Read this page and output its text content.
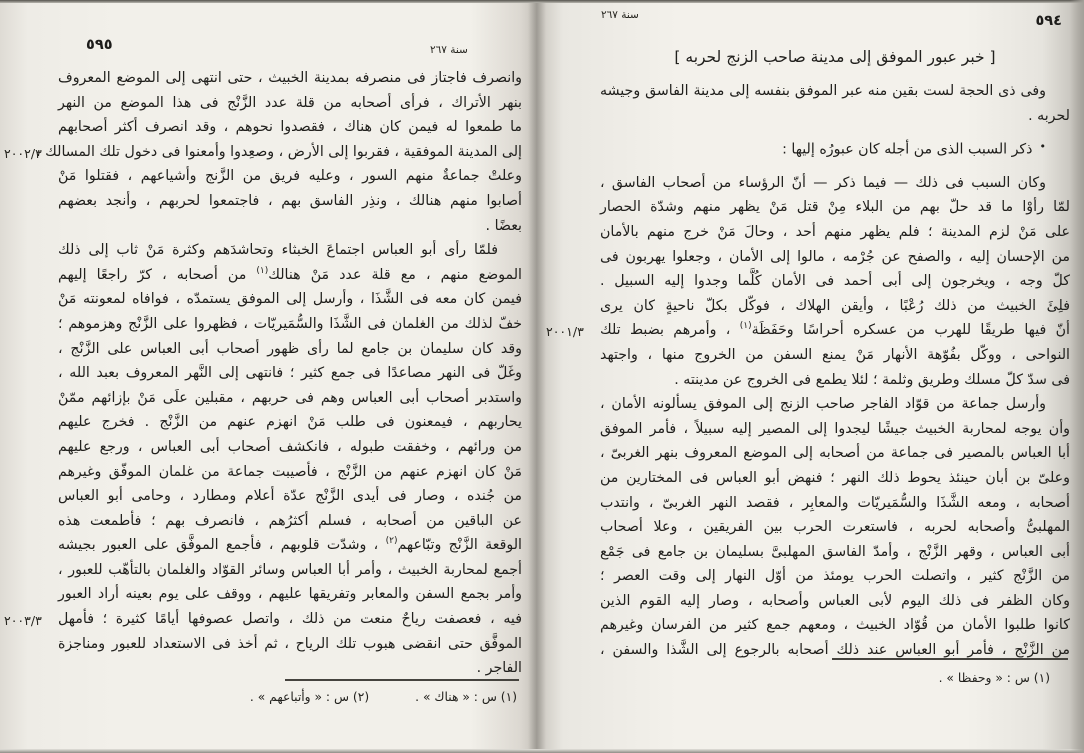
٥٩٥	سنة ٢٦٧
وانصرف فاجتاز فى منصرفه بمدينة الخبيث ، حتى انتهى إلى الموضع المعروف
بنهر الأتراك ، فرأى أصحابه من قلة عدد الزَّنْج فى هذا الموضع من النهر
ما طمعوا له فيمن كان هناك ، فقصدوا نحوهم ، وقد انصرف أكثر أصحابهم
إلى المدينة الموفقية ، فقربوا إلى الأرض ، وصعِدوا وأمعنوا فى دخول تلك المسالك ،
٢٠٠٢/٣
وعلتْ جماعةٌ منهم السور ، وعليه فريق من الزَّنج وأشياعهم ، فقتلوا مَنْ
أصابوا منهم هنالك ، ونذِر الفاسق بهم ، فاجتمعوا لحربهم ، وأنجد بعضهم
بعضًا .
فلمّا رأى أبو العباس اجتماعَ الخبثاء وتحاشدَهم وكثرة مَنْ ثاب إلى ذلك
الموضع منهم ، مع قلة عدد مَنْ هنالك$^{(١)}$ من أصحابه ، كرّ راجعًا إليهم
فيمن كان معه فى الشَّذَا ، وأرسل إلى الموفق يستمدّه ، فوافاه لمعونته مَنْ
خفّ لذلك من الغلمان فى الشَّذَا والسُّمَيريّات ، فظهروا على الزَّنْج وهزموهم ؛
وقد كان سليمان بن جامع لما رأى ظهور أصحاب أبى العباس على الزَّنْج ،
وغَلّ فى النهر مصاعدًا فى جمع كثير ؛ فانتهى إلى النَّهر المعروف بعبد الله ،
واستدبر أصحاب أبى العباس وهم فى حربهم ، مقبلين علَى مَنْ بإزائهم ممّنْ
يحاربهم ، فيمعنون فى طلب مَنْ انهزم عنهم من الزَّنْج . فخرج عليهم
من ورائهم ، وخفقت طبوله ، فانكشف أصحاب أبى العباس ، ورجع عليهم
مَنْ كان انهزم عنهم من الزَّنْج ، فأصيبت جماعة من غلمان الموفّق وغيرهم
من جُنده ، وصار فى أيدى الزَّنْج عدّة أعلام ومطارد ، وحامى أبو العباس
عن الباقين من أصحابه ، فسلم أكثرُهم ، فانصرف بهم ؛ فأطمعت هذه
الوقعة الزَّنْج وتبّاعهم$^{(٢)}$ ، وشدّت قلوبهم ، فأجمع الموفَّق على العبور بجيشه
أجمع لمحاربة الخبيث ، وأمر أبا العباس وسائر القوّاد والغلمان بالتأهّب للعبور ،
وأمر بجمع السفن والمعابر وتفريقها عليهم ، ووقف على يوم بعينه أراد العبور
فيه ، فعصفت رياحٌ منعت من ذلك ، واتصل عصوفها أيامًا كثيرة ؛ فأمهل
٢٠٠٣/٣
الموفَّق حتى انقضى هبوب تلك الرياح ، ثم أخذ فى الاستعداد للعبور ومناجزة
الفاجر .
(١) س : « هناك » .
(٢) س : « وأتباعهم » .
٥٩٤
سنة ٢٦٧
[ خبر عبور الموفق إلى مدينة صاحب الزنج لحربه ]
وفى ذى الحجة لست بقين منه عبر الموفق بنفسه إلى مدينة الفاسق وجيشه
لحربه .
•ذكر السبب الذى من أجله كان عبورُه إليها :
وكان السبب فى ذلك — فيما ذكر — أنّ الرؤساء من أصحاب الفاسق ،
لمّا رأوْا ما قد حلّ بهم من البلاء مِنْ قتل مَنْ يظهر منهم وشدّة الحصار
على مَنْ لزم المدينة ؛ فلم يظهر منهم أحد ، وحالَ مَنْ خرج منهم بالأمان
من الإحسان إليه ، والصفح عن جُرْمه ، مالوا إلى الأمان ، وجعلوا يهربون فى
كلّ وجه ، ويخرجون إلى أبى أحمد فى الأمان كُلَّما وجدوا إليه السبيل .
فلِئَ الخبيث من ذلك رُعْبًا ، وأيقن الهلاك ، فوكّل بكلّ ناحيةٍ كان يرى
أنّ فيها طريقًا للهرب من عسكره أحراسًا وحَفَظَة$^{(١)}$ ، وأمرهم بضبط تلك
٢٠٠١/٣
النواحى ، ووكّل بفُوّهة الأنهار مَنْ يمنع السفن من الخروج منها ، واجتهد
فى سدّ كلّ مسلك وطريق وثلمة ؛ لئلا يطمع فى الخروج عن مدينته .
وأرسل جماعة من قوّاد الفاجر صاحب الزنج إلى الموفق يسألونه الأمان ،
وأن يوجه لمحاربة الخبيث جيشًا ليجدوا إلى المصير إليه سبيلاً ، فأمر الموفق
أبا العباس بالمصير فى جماعة من أصحابه إلى الموضع المعروف بنهر الغربىّ ،
وعلىّ بن أبان حينئذ يحوط ذلك النهر ؛ فنهض أبو العباس فى المختارين من
أصحابه ، ومعه الشَّذَا والسُّمَيريّات والمعابِر ، فقصد النهر الغربىّ ، وانتدب
المهلبىُّ وأصحابه لحربه ، فاستعرت الحرب بين الفريقين ، وعلا أصحاب
أبى العباس ، وقهر الزَّنْج ، وأمدّ الفاسق المهلبىَّ بسليمان بن جامع فى جَمْع
من الزَّنْج كثير ، واتصلت الحرب يومئذ من أوّل النهار إلى وقت العصر ؛
وكان الظفر فى ذلك اليوم لأبى العباس وأصحابه ، وصار إليه القوم الذين
كانوا طلبوا الأمان من قُوّاد الخبيث ، ومعهم جمع كثير من الفرسان وغيرهم
من الزَّنْج ، فأمر أبو العباس عند ذلك أصحابه بالرجوع إلى الشَّذا والسفن ،
(١) س : « وحفظا » .
